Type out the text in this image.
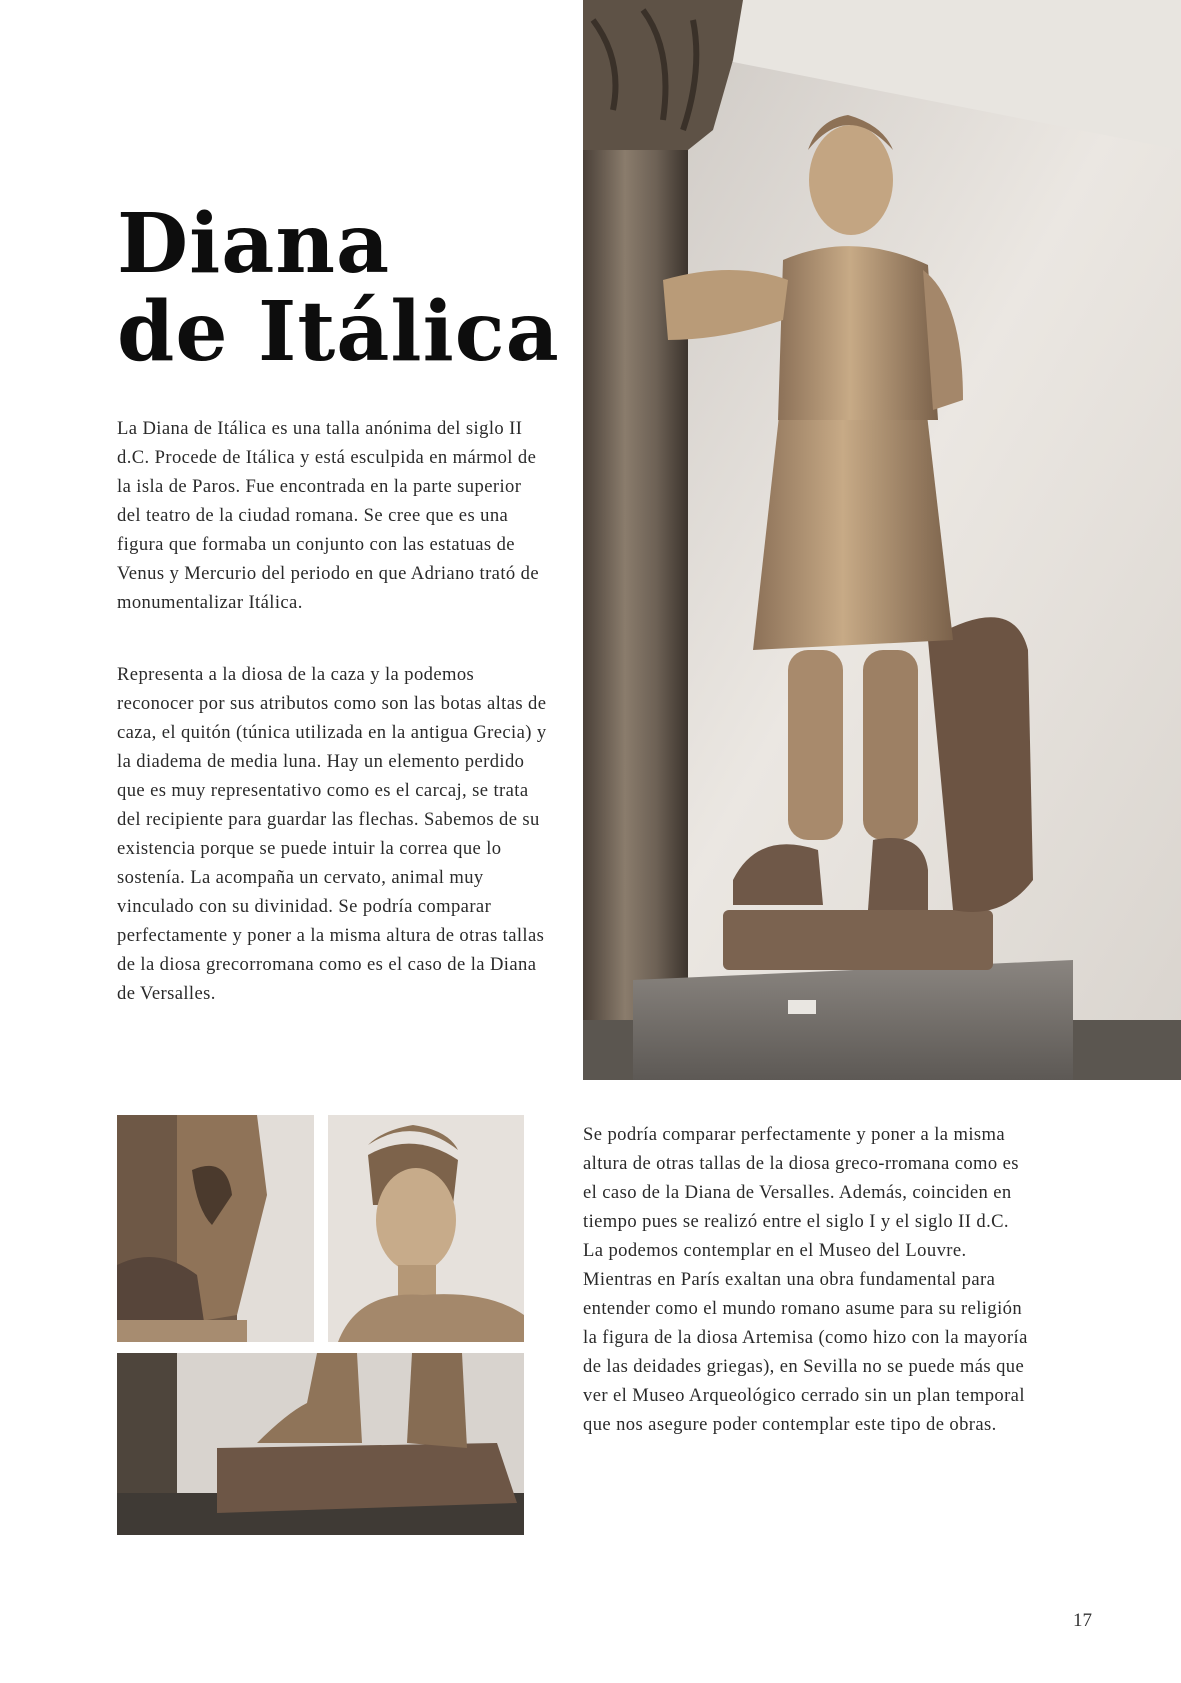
Diana
de Itálica

La Diana de Itálica es una talla anónima del siglo II d.C. Procede de Itálica y está esculpida en mármol de la isla de Paros. Fue encontrada en la parte superior del teatro de la ciudad romana. Se cree que es una figura que formaba un conjunto con las estatuas de Venus y Mercurio del periodo en que Adriano trató de monumentalizar Itálica.

Representa a la diosa de la caza y la podemos reconocer por sus atributos como son las botas altas de caza, el quitón (túnica utilizada en la antigua Grecia) y la diadema de media luna. Hay un elemento perdido que es muy representativo como es el carcaj, se trata del recipiente para guardar las flechas. Sabemos de su existencia porque se puede intuir la correa que lo sostenía. La acompaña un cervato, animal muy vinculado con su divinidad. Se podría comparar perfectamente y poner a la misma altura de otras tallas de la diosa grecorromana como es el caso de la Diana de Versalles.

Se podría comparar perfectamente y poner a la misma altura de otras tallas de la diosa greco-rromana como es el caso de la Diana de Versalles. Además, coinciden en tiempo pues se realizó entre el siglo I y el siglo II d.C. La podemos contemplar en el Museo del Louvre. Mientras en París exaltan una obra fundamental para entender como el mundo romano asume para su religión la figura de la diosa Artemisa (como hizo con la mayoría de las deidades griegas), en Sevilla no se puede más que ver el Museo Arqueológico cerrado sin un plan temporal que nos asegure poder contemplar este tipo de obras.

17
